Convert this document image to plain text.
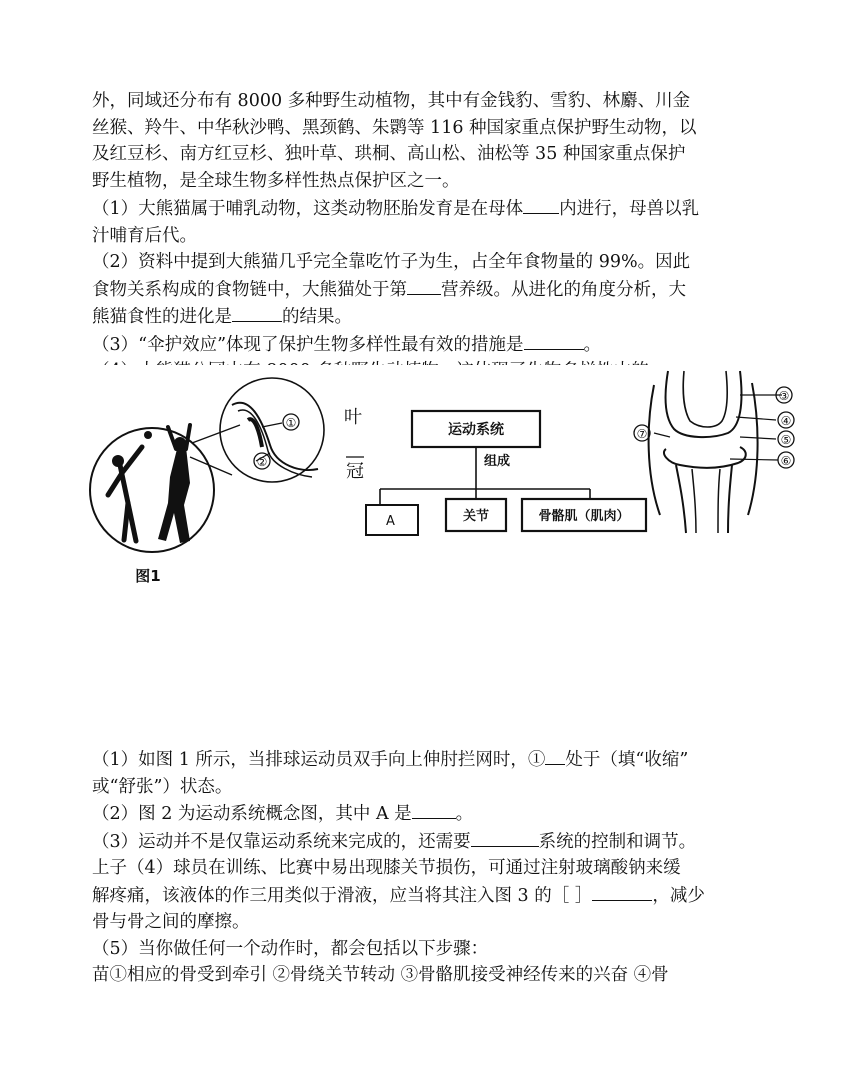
外，同域还分布有 8000 多种野生动植物，其中有金钱豹、雪豹、林麝、川金
丝猴、羚牛、中华秋沙鸭、黑颈鹤、朱鹮等 116 种国家重点保护野生动物，以
及红豆杉、南方红豆杉、独叶草、珙桐、高山松、油松等 35 种国家重点保护
野生植物，是全球生物多样性热点保护区之一。
（1）大熊猫属于哺乳动物，这类动物胚胎发育是在母体 内进行，母兽以乳
汁哺育后代。
（2）资料中提到大熊猫几乎完全靠吃竹子为生，占全年食物量的 99%。因此
食物关系构成的食物链中，大熊猫处于第 营养级。从进化的角度分析，大
熊猫食性的进化是	的结果。
（3）“伞护效应”体现了保护生物多样性最有效的措施是	。
①
②
图1
叶
冠
运动系统
组成
A	关节	骨骼肌（肌肉）
③
④
⑤
⑥
⑦
（1）如图 1 所示，当排球运动员双手向上伸肘拦网时，① 处于（填“收缩”
或“舒张”）状态。
（2）图 2 为运动系统概念图，其中 A 是	。
（3）运动并不是仅靠运动系统来完成的，还需要	系统的控制和调节。
上子（4）球员在训练、比赛中易出现膝关节损伤，可通过注射玻璃酸钠来缓
解疼痛，该液体的作三用类似于滑液，应当将其注入图 3 的［ ］	，减少
骨与骨之间的摩擦。
（5）当你做任何一个动作时，都会包括以下步骤：
苗①相应的骨受到牵引 ②骨绕关节转动 ③骨骼肌接受神经传来的兴奋 ④骨
